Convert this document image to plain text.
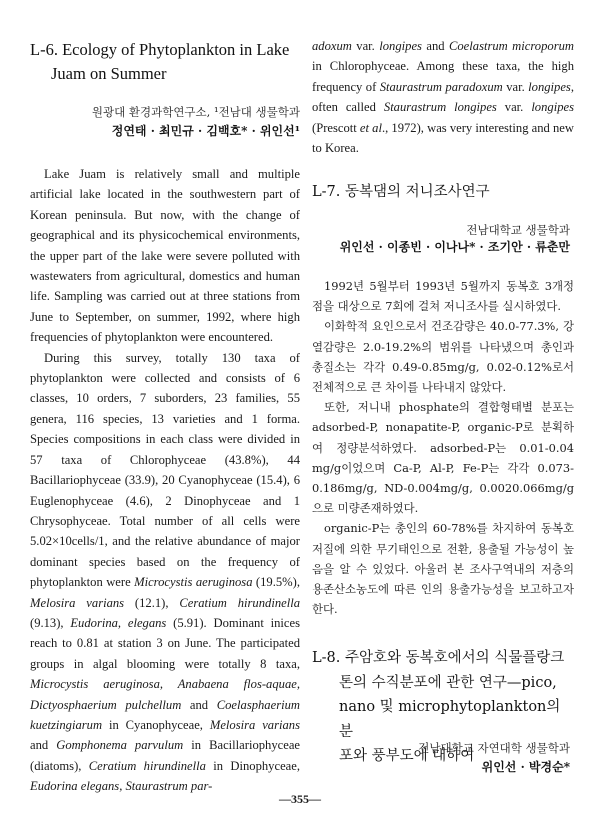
L-6. Ecology of Phytoplankton in Lake
Juam on Summer
원광대 환경과학연구소, ¹전남대 생물학과
정연태 · 최민규 · 김백호* · 위인선¹

Lake Juam is relatively small and multiple artificial lake located in the southwestern part of Korean peninsula. But now, with the change of geographical and its physicochemical environments, the upper part of the lake were severe polluted with wastewaters from agricultural, domestics and human life. Sampling was carried out at three stations from June to September, on summer, 1992, where high frequencies of phytoplankton were encountered.

During this survey, totally 130 taxa of phytoplankton were collected and consists of 6 classes, 10 orders, 7 suborders, 23 families, 55 genera, 116 species, 13 varieties and 1 forma. Species compositions in each class were divided in 57 taxa of Chlorophyceae (43.8%), 44 Bacillariophyceae (33.9), 20 Cyanophyceae (15.4), 6 Euglenophyceae (4.6), 2 Dinophyceae and 1 Chrysophyceae. Total number of all cells were 5.02×10cells/1, and the relative abundance of major dominant species based on the frequency of phytoplankton were Microcystis aeruginosa (19.5%), Melosira varians (12.1), Ceratium hirundinella (9.13), Eudorina, elegans (5.91). Dominant inices reach to 0.81 at station 3 on June. The participated groups in algal blooming were totally 8 taxa, Microcystis aeruginosa, Anabaena flos-aquae, Dictyosphaerium pulchellum and Coelasphaerium kuetzingiarum in Cyanophyceae, Melosira varians and Gomphonema parvulum in Bacillariophyceae (diatoms), Ceratium hirundinella in Dinophyceae, Eudorina elegans, Staurastrum par-

adoxum var. longipes and Coelastrum microporum in Chlorophyceae. Among these taxa, the high frequency of Staurastrum paradoxum var. longipes, often called Staurastrum longipes var. longipes (Prescott et al., 1972), was very interesting and new to Korea.

L-7. 동복댐의 저니조사연구
전남대학교 생물학과
위인선 · 이종빈 · 이나나* · 조기안 · 류춘만

1992년 5월부터 1993년 5월까지 동복호 3개정점을 대상으로 7회에 걸쳐 저니조사를 실시하였다.

이화학적 요인으로서 건조감량은 40.0-77.3%, 강열감량은 2.0-19.2%의 범위를 나타냈으며 총인과 총질소는 각각 0.49-0.85mg/g, 0.02-0.12%로서 전체적으로 큰 차이를 나타내지 않았다.

또한, 저니내 phosphate의 결합형태별 분포는 adsorbed-P, nonapatite-P, organic-P로 분획하여 정량분석하였다. adsorbed-P는 0.01-0.04 mg/g이었으며 Ca-P, Al-P, Fe-P는 각각 0.073-0.186mg/g, ND-0.004mg/g, 0.0020.066mg/g 으로 미량존재하였다.

organic-P는 총인의 60-78%를 차지하여 동복호저질에 의한 무기태인으로 전환, 용출될 가능성이 높음을 알 수 있었다. 아울러 본 조사구역내의 저층의 용존산소농도에 따른 인의 용출가능성을 보고하고자 한다.

L-8. 주암호와 동복호에서의 식물플랑크
톤의 수직분포에 관한 연구—pico,
nano 및 microphytoplankton의 분
포와 풍부도에 대하여
전남대학교 자연대학 생물학과
위인선 · 박경순*
—355—
